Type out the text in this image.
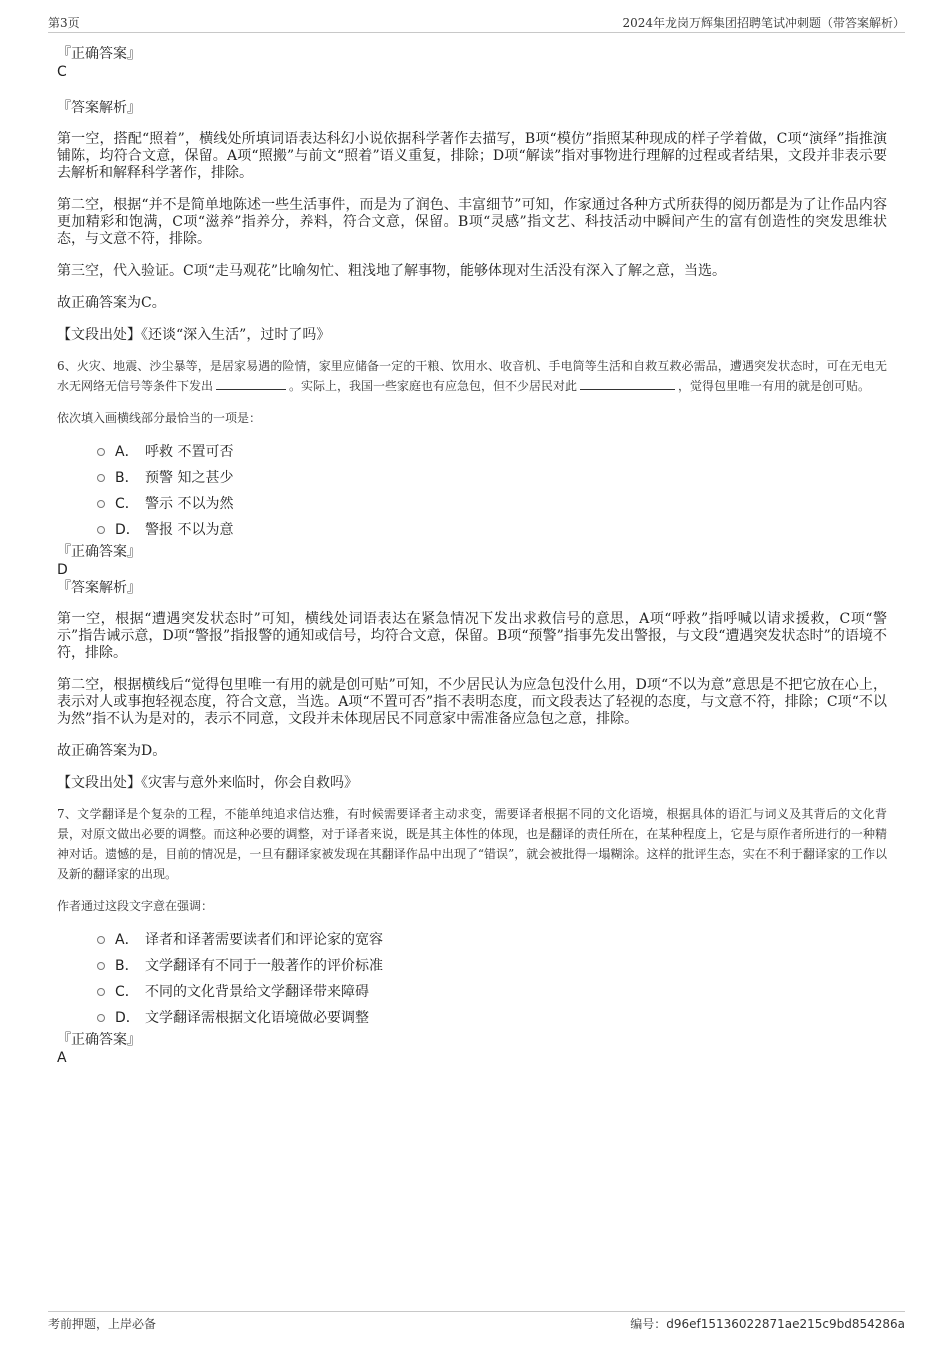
第3页	2024年龙岗万辉集团招聘笔试冲刺题（带答案解析）

『正确答案』

C

『答案解析』

第一空，搭配“照着”，横线处所填词语表达科幻小说依据科学著作去描写，B项“模仿”指照某种现成的样子学着做，C项“演绎”指推演铺陈，均符合文意，保留。A项“照搬”与前文“照着”语义重复，排除；D项“解读”指对事物进行理解的过程或者结果，文段并非表示要去解析和解释科学著作，排除。

第二空，根据“并不是简单地陈述一些生活事件，而是为了润色、丰富细节”可知，作家通过各种方式所获得的阅历都是为了让作品内容更加精彩和饱满，C项“滋养”指养分，养料，符合文意，保留。B项“灵感”指文艺、科技活动中瞬间产生的富有创造性的突发思维状态，与文意不符，排除。

第三空，代入验证。C项“走马观花”比喻匆忙、粗浅地了解事物，能够体现对生活没有深入了解之意，当选。

故正确答案为C。

【文段出处】《还谈“深入生活”，过时了吗》

6、火灾、地震、沙尘暴等，是居家易遇的险情，家里应储备一定的干粮、饮用水、收音机、手电筒等生活和自救互救必需品，遭遇突发状态时，可在无电无水无网络无信号等条件下发出	。实际上，我国一些家庭也有应急包，但不少居民对此	，觉得包里唯一有用的就是创可贴。

依次填入画横线部分最恰当的一项是：

A． 呼救 不置可否
B． 预警 知之甚少
C． 警示 不以为然
D． 警报 不以为意

『正确答案』

D

『答案解析』

第一空，根据“遭遇突发状态时”可知，横线处词语表达在紧急情况下发出求救信号的意思，A项“呼救”指呼喊以请求援救，C项“警示”指告诫示意，D项“警报”指报警的通知或信号，均符合文意，保留。B项“预警”指事先发出警报，与文段“遭遇突发状态时”的语境不符，排除。

第二空，根据横线后“觉得包里唯一有用的就是创可贴”可知，不少居民认为应急包没什么用，D项“不以为意”意思是不把它放在心上，表示对人或事抱轻视态度，符合文意，当选。A项“不置可否”指不表明态度，而文段表达了轻视的态度，与文意不符，排除；C项“不以为然”指不认为是对的，表示不同意，文段并未体现居民不同意家中需准备应急包之意，排除。

故正确答案为D。

【文段出处】《灾害与意外来临时，你会自救吗》

7、文学翻译是个复杂的工程，不能单纯追求信达雅，有时候需要译者主动求变，需要译者根据不同的文化语境，根据具体的语汇与词义及其背后的文化背景，对原文做出必要的调整。而这种必要的调整，对于译者来说，既是其主体性的体现，也是翻译的责任所在，在某种程度上，它是与原作者所进行的一种精神对话。遗憾的是，目前的情况是，一旦有翻译家被发现在其翻译作品中出现了“错误”，就会被批得一塌糊涂。这样的批评生态，实在不利于翻译家的工作以及新的翻译家的出现。

作者通过这段文字意在强调：

A． 译者和译著需要读者们和评论家的宽容
B． 文学翻译有不同于一般著作的评价标准
C． 不同的文化背景给文学翻译带来障碍
D． 文学翻译需根据文化语境做必要调整

『正确答案』

A

考前押题，上岸必备	编号：d96ef15136022871ae215c9bd854286a
